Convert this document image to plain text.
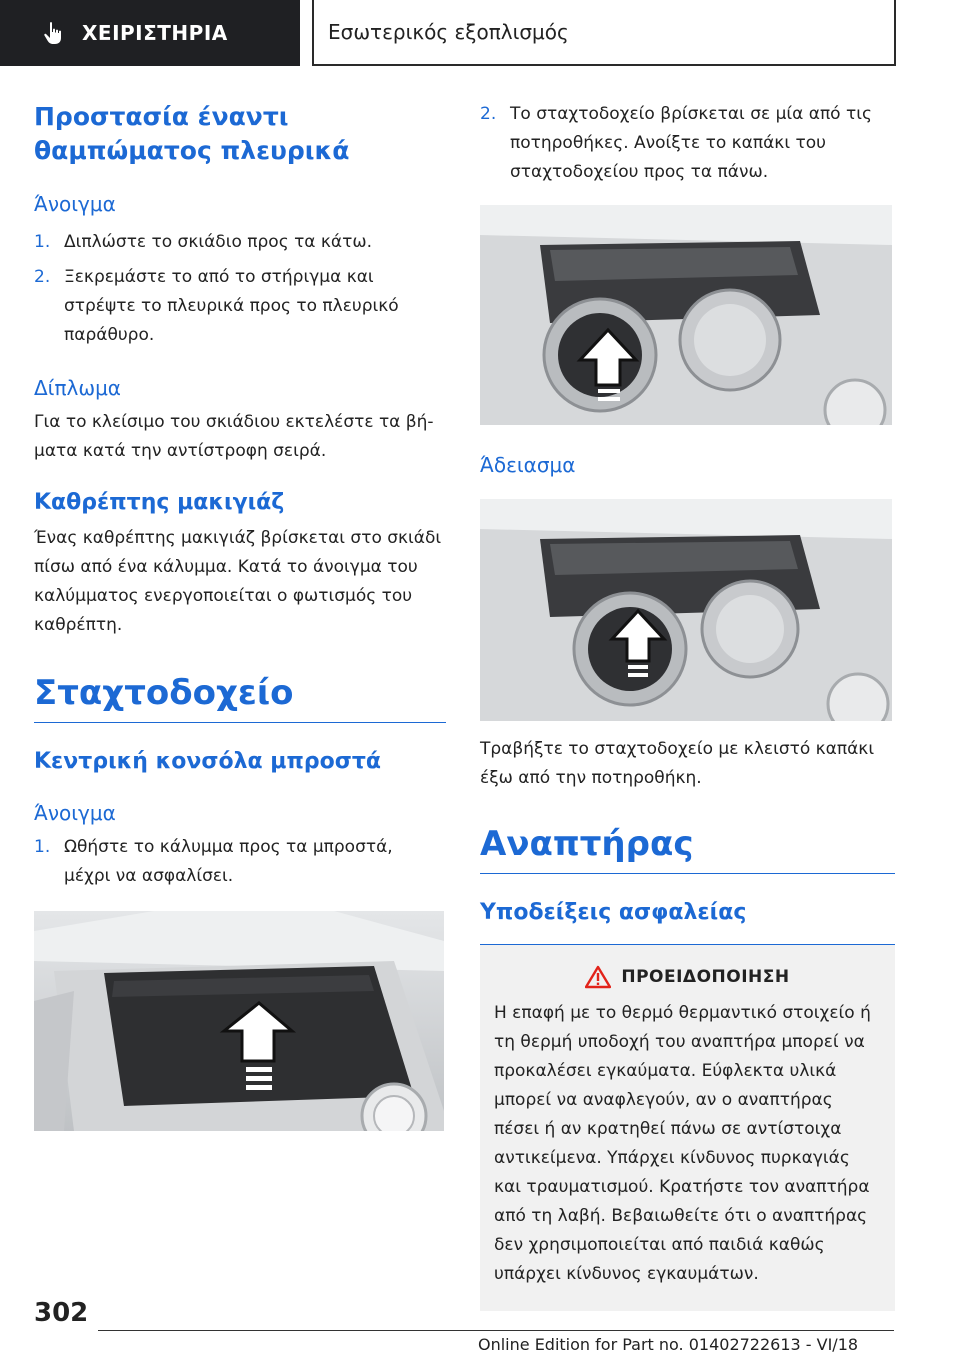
ΧΕΙΡΙΣΤΗΡΙΑ	Εσωτερικός εξοπλισμός
Προστασία έναντι θαμπώματος πλευρικά
Άνοιγμα
1. Διπλώστε το σκιάδιο προς τα κάτω.
2. Ξεκρεμάστε το από το στήριγμα και στρέψτε το πλευρικά προς το πλευρικό παράθυρο.
Δίπλωμα

Για το κλείσιμο του σκιάδιου εκτελέστε τα βήματα κατά την αντίστροφη σειρά.

Καθρέπτης μακιγιάζ

Ένας καθρέπτης μακιγιάζ βρίσκεται στο σκιάδι πίσω από ένα κάλυμμα. Κατά το άνοιγμα του καλύμματος ενεργοποιείται ο φωτισμός του καθρέπτη.

Σταχτοδοχείο
Κεντρική κονσόλα μπροστά
Άνοιγμα
1. Ωθήστε το κάλυμμα προς τα μπροστά, μέχρι να ασφαλίσει.
2. Το σταχτοδοχείο βρίσκεται σε μία από τις ποτηροθήκες. Ανοίξτε το καπάκι του σταχτοδοχείου προς τα πάνω.
Άδειασμα

Τραβήξτε το σταχτοδοχείο με κλειστό καπάκι έξω από την ποτηροθήκη.

Αναπτήρας
Υποδείξεις ασφαλείας
ΠΡΟΕΙΔΟΠΟΙΗΣΗ

Η επαφή με το θερμό θερμαντικό στοιχείο ή τη θερμή υποδοχή του αναπτήρα μπορεί να προκαλέσει εγκαύματα. Εύφλεκτα υλικά μπορεί να αναφλεγούν, αν ο αναπτήρας πέσει ή αν κρατηθεί πάνω σε αντίστοιχα αντικείμενα. Υπάρχει κίνδυνος πυρκαγιάς και τραυματισμού. Κρατήστε τον αναπτήρα από τη λαβή. Βεβαιωθείτε ότι ο αναπτήρας δεν χρησιμοποιείται από παιδιά καθώς υπάρχει κίνδυνος εγκαυμάτων.

302
Online Edition for Part no. 01402722613 - VI/18
